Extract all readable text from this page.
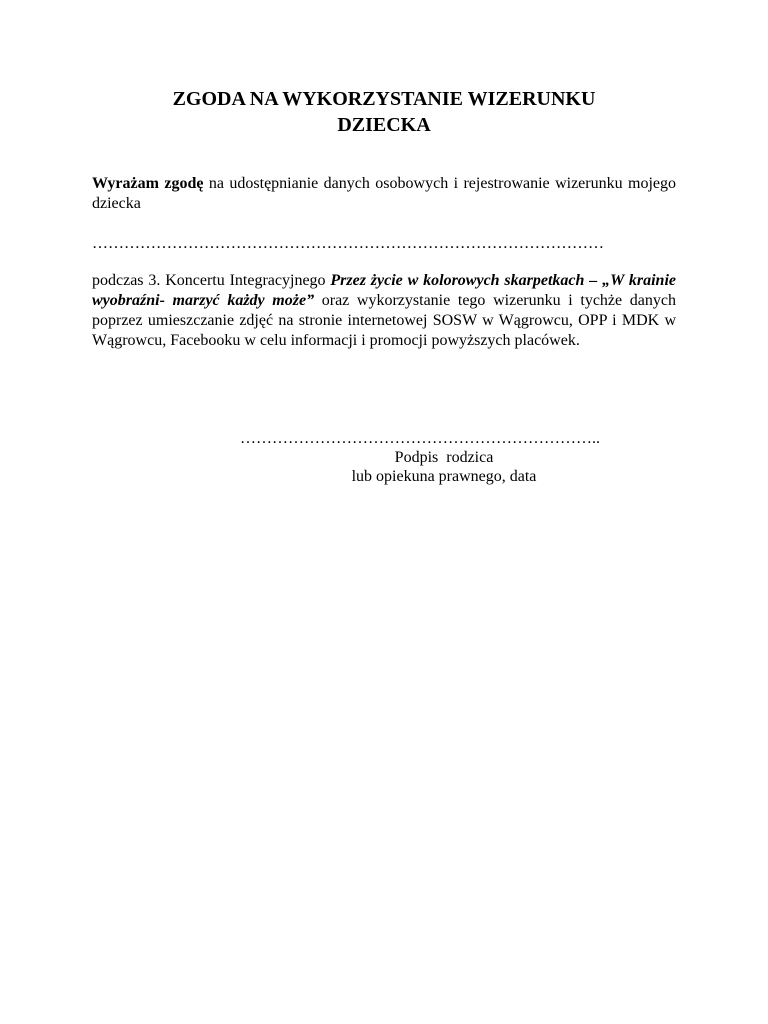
ZGODA NA WYKORZYSTANIE WIZERUNKU
DZIECKA

Wyrażam zgodę na udostępnianie danych osobowych i rejestrowanie wizerunku mojego dziecka

……………………………………………………………………………………

podczas 3. Koncertu Integracyjnego Przez życie w kolorowych skarpetkach – „W krainie wyobraźni- marzyć każdy może” oraz wykorzystanie tego wizerunku i tychże danych poprzez umieszczanie zdjęć na stronie internetowej SOSW w Wągrowcu, OPP i MDK w Wągrowcu, Facebooku w celu informacji i promocji powyższych placówek.

…………………………………………………………..

Podpis  rodzica

lub opiekuna prawnego, data
